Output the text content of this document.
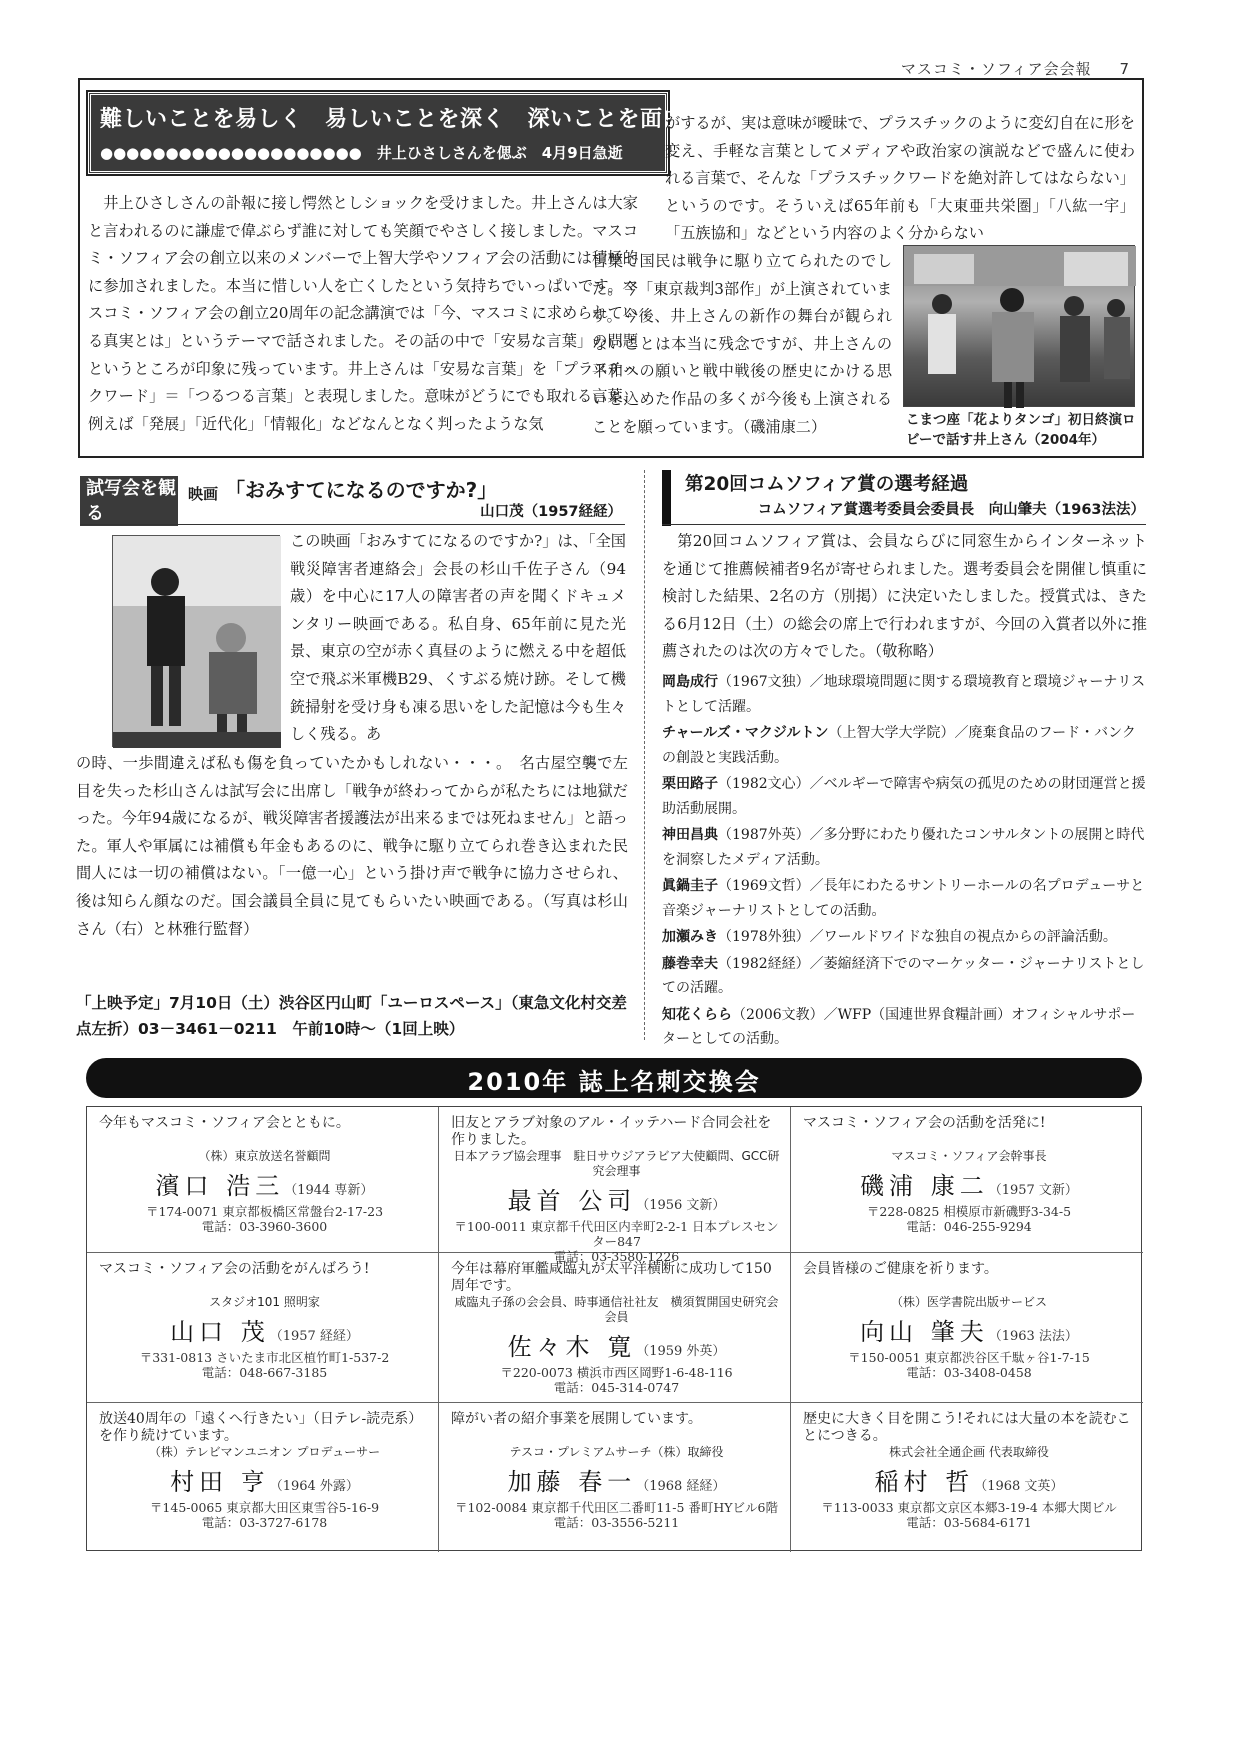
マスコミ・ソフィア会会報 7
難しいことを易しく　易しいことを深く　深いことを面白く!
●●●●●●●●●●●●●●●●●●●●　井上ひさしさんを偲ぶ　4月9日急逝
井上ひさしさんの訃報に接し愕然としショックを受けました。井上さんは大家と言われるのに謙虚で偉ぶらず誰に対しても笑顔でやさしく接しました。マスコミ・ソフィア会の創立以来のメンバーで上智大学やソフィア会の活動には積極的に参加されました。本当に惜しい人を亡くしたという気持ちでいっぱいです。マスコミ・ソフィア会の創立20周年の記念講演では「今、マスコミに求められている真実とは」というテーマで話されました。その話の中で「安易な言葉」の問題というところが印象に残っています。井上さんは「安易な言葉」を「プラスチックワード」＝「つるつる言葉」と表現しました。意味がどうにでも取れる言葉、例えば「発展」「近代化」「情報化」などなんとなく判ったような気
がするが、実は意味が曖昧で、プラスチックのように変幻自在に形を変え、手軽な言葉としてメディアや政治家の演説などで盛んに使われる言葉で、そんな「プラスチックワードを絶対許してはならない」というのです。そういえば65年前も「大東亜共栄圏」「八紘一宇」「五族協和」などという内容のよく分からない
言葉で国民は戦争に駆り立てられたのでした。今「東京裁判3部作」が上演されています。今後、井上さんの新作の舞台が観られないことは本当に残念ですが、井上さんの平和への願いと戦中戦後の歴史にかける思いを込めた作品の多くが今後も上演されることを願っています。（磯浦康二）	こまつ座「花よりタンゴ」初日終演ロビーで話す井上さん（2004年）
試写会を観る
映画 「おみすてになるのですか?」
山口茂（1957経経）
この映画「おみすてになるのですか?」は、「全国戦災障害者連絡会」会長の杉山千佐子さん（94歳）を中心に17人の障害者の声を聞くドキュメンタリー映画である。私自身、65年前に見た光景、東京の空が赤く真昼のように燃える中を超低空で飛ぶ米軍機B29、くすぶる焼け跡。そして機銃掃射を受け身も凍る思いをした記憶は今も生々しく残る。あ
の時、一歩間違えば私も傷を負っていたかもしれない・・・。　名古屋空襲で左目を失った杉山さんは試写会に出席し「戦争が終わってからが私たちには地獄だった。今年94歳になるが、戦災障害者援護法が出来るまでは死ねません」と語った。軍人や軍属には補償も年金もあるのに、戦争に駆り立てられ巻き込まれた民間人には一切の補償はない。「一億一心」という掛け声で戦争に協力させられ、後は知らん顔なのだ。国会議員全員に見てもらいたい映画である。（写真は杉山さん（右）と林雅行監督）
「上映予定」7月10日（土）渋谷区円山町「ユーロスペース」（東急文化村交差点左折）03－3461－0211　午前10時～（1回上映）
第20回コムソフィア賞の選考経過
コムソフィア賞選考委員会委員長　向山肇夫（1963法法）
第20回コムソフィア賞は、会員ならびに同窓生からインターネットを通じて推薦候補者9名が寄せられました。選考委員会を開催し慎重に検討した結果、2名の方（別掲）に決定いたしました。授賞式は、きたる6月12日（土）の総会の席上で行われますが、今回の入賞者以外に推薦されたのは次の方々でした。（敬称略）
岡島成行（1967文独）／地球環境問題に関する環境教育と環境ジャーナリストとして活躍。
チャールズ・マクジルトン（上智大学大学院）／廃棄食品のフード・バンクの創設と実践活動。
栗田路子（1982文心）／ベルギーで障害や病気の孤児のための財団運営と援助活動展開。
神田昌典（1987外英）／多分野にわたり優れたコンサルタントの展開と時代を洞察したメディア活動。
眞鍋圭子（1969文哲）／長年にわたるサントリーホールの名プロデューサと音楽ジャーナリストとしての活動。
加瀬みき（1978外独）／ワールドワイドな独自の視点からの評論活動。
藤巻幸夫（1982経経）／萎縮経済下でのマーケッター・ジャーナリストとしての活躍。
知花くらら（2006文教）／WFP（国連世界食糧計画）オフィシャルサポーターとしての活動。
2010年 誌上名刺交換会
今年もマスコミ・ソフィア会とともに。
（株）東京放送名誉顧問
濱口 浩三（1944 専新）
〒174-0071 東京都板橋区常盤台2-17-23
電話：03-3960-3600
旧友とアラブ対象のアル・イッテハード合同会社を作りました。
日本アラブ協会理事　駐日サウジアラビア大使顧問、GCC研究会理事
最首 公司（1956 文新）
〒100-0011 東京都千代田区内幸町2-2-1 日本プレスセンター847
電話：03-3580-1226
マスコミ・ソフィア会の活動を活発に!
マスコミ・ソフィア会幹事長
磯浦 康二（1957 文新）
〒228-0825 相模原市新磯野3-34-5
電話：046-255-9294
マスコミ・ソフィア会の活動をがんばろう!
スタジオ101 照明家
山口 茂（1957 経経）
〒331-0813 さいたま市北区植竹町1-537-2
電話：048-667-3185
今年は幕府軍艦咸臨丸が太平洋横断に成功して150周年です。
咸臨丸子孫の会会員、時事通信社社友　横須賀開国史研究会会員
佐々木 寛（1959 外英）
〒220-0073 横浜市西区岡野1-6-48-116
電話：045-314-0747
会員皆様のご健康を祈ります。
（株）医学書院出版サービス
向山 肇夫（1963 法法）
〒150-0051 東京都渋谷区千駄ヶ谷1-7-15
電話：03-3408-0458
放送40周年の「遠くへ行きたい」（日テレ-読売系）を作り続けています。
（株）テレビマンユニオン プロデューサー
村田 亨（1964 外露）
〒145-0065 東京都大田区東雪谷5-16-9
電話：03-3727-6178
障がい者の紹介事業を展開しています。
テスコ・プレミアムサーチ（株）取締役
加藤 春一（1968 経経）
〒102-0084 東京都千代田区二番町11-5 番町HYビル6階
電話：03-3556-5211
歴史に大きく目を開こう!それには大量の本を読むことにつきる。
株式会社全通企画 代表取締役
稲村 哲（1968 文英）
〒113-0033 東京都文京区本郷3-19-4 本郷大関ビル
電話：03-5684-6171
